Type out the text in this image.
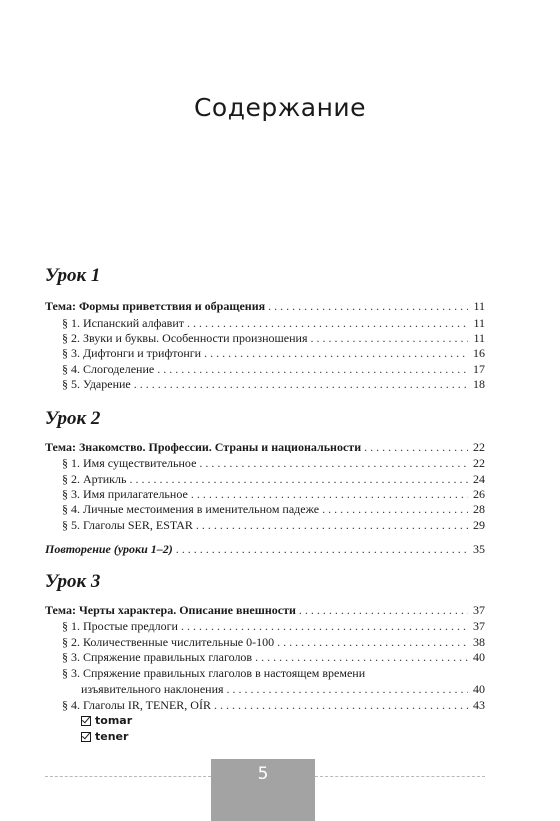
Содержание
Урок 1
Тема: Формы приветствия и обращения . . .	11
§ 1. Испанский алфавит . . .	11
§ 2. Звуки и буквы. Особенности произношения . . .	11
§ 3. Дифтонги и трифтонги . . .	16
§ 4. Слогоделение . . .	17
§ 5. Ударение . . .	18
Урок 2
Тема: Знакомство. Профессии. Страны и национальности . . .	22
§ 1. Имя существительное . . .	22
§ 2. Артикль . . .	24
§ 3. Имя прилагательное . . .	26
§ 4. Личные местоимения в именительном падеже . . .	28
§ 5. Глаголы SER, ESTAR . . .	29
Повторение (уроки 1–2) . . .	35
Урок 3
Тема: Черты характера. Описание внешности . . .	37
§ 1. Простые предлоги . . .	37
§ 2. Количественные числительные 0-100 . . .	38
§ 3. Спряжение правильных глаголов . . .	40
§ 3. Спряжение правильных глаголов в настоящем времени
изъявительного наклонения . . .	40
§ 4. Глаголы IR, TENER, OÍR . . .	43
tomar
tener
5
